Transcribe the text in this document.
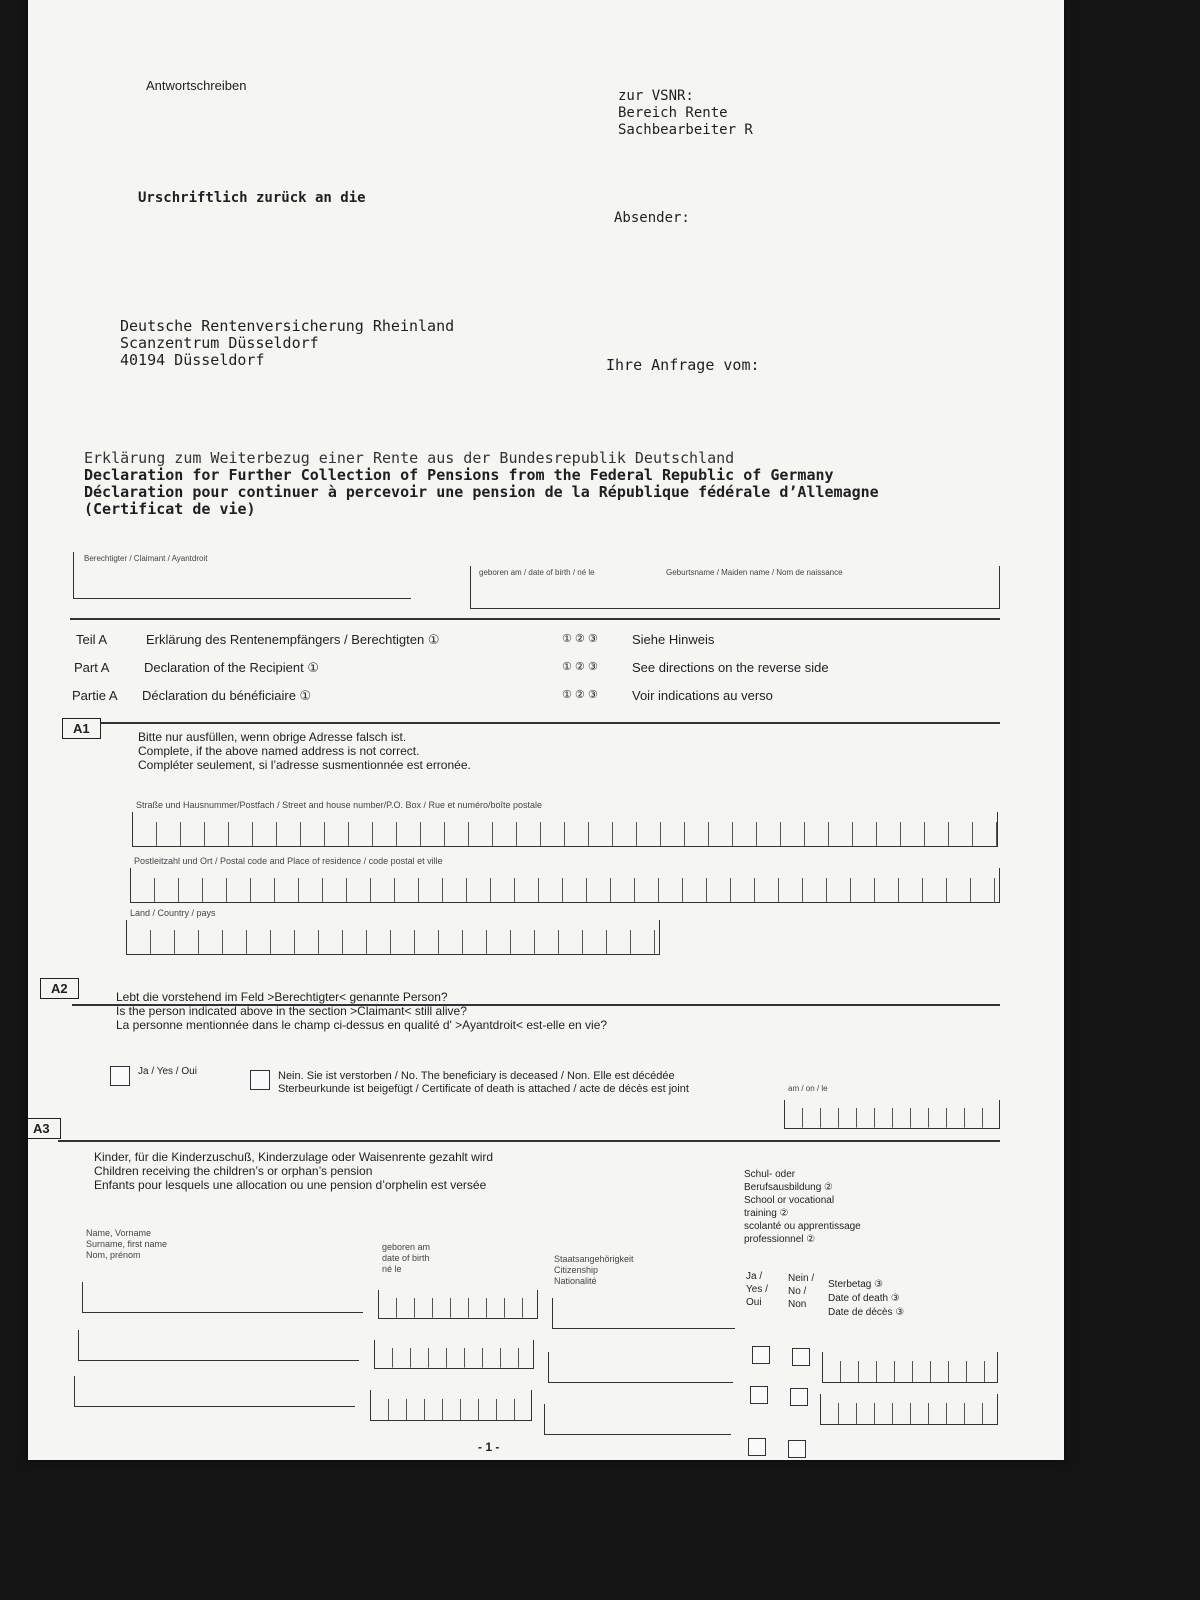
Antwortschreiben
zur VSNR:
Bereich Rente
Sachbearbeiter R
Urschriftlich zurück an die
Absender:
Deutsche Rentenversicherung Rheinland
Scanzentrum Düsseldorf
40194 Düsseldorf	Ihre Anfrage vom:
Erklärung zum Weiterbezug einer Rente aus der Bundesrepublik Deutschland
Declaration for Further Collection of Pensions from the Federal Republic of Germany
Déclaration pour continuer à percevoir une pension de la République fédérale d’Allemagne
(Certificat de vie)
Berechtigter / Claimant / Ayantdroit
geboren am / date of birth / né le	Geburtsname / Maiden name / Nom de naissance
Teil A	Erklärung des Rentenempfängers / Berechtigten ①	① ② ③	Siehe Hinweis
Part A	Declaration of the Recipient ①	① ② ③	See directions on the reverse side
Partie A Déclaration du bénéficiaire ①	① ② ③	Voir indications au verso
A1
Bitte nur ausfüllen, wenn obrige Adresse falsch ist.
Complete, if the above named address is not correct.
Compléter seulement, si l’adresse susmentionnée est erronée.
Straße und Hausnummer/Postfach / Street and house number/P.O. Box / Rue et numéro/boîte postale
Postleitzahl und Ort / Postal code and Place of residence / code postal et ville
Land / Country / pays
A2
Lebt die vorstehend im Feld >Berechtigter< genannte Person?
Is the person indicated above in the section >Claimant< still alive?
La personne mentionnée dans le champ ci-dessus en qualité d' >Ayantdroit< est-elle en vie?
Ja / Yes / Oui	Nein. Sie ist verstorben / No. The beneficiary is deceased / Non. Elle est décédée
Sterbeurkunde ist beigefügt / Certificate of death is attached / acte de décès est joint	am / on / le
A3
Kinder, für die Kinderzuschuß, Kinderzulage oder Waisenrente gezahlt wird
Children receiving the children’s or orphan’s pension
Enfants pour lesquels une allocation ou une pension d’orphelin est versée
Schul- oder
Berufsausbildung ②
School or vocational
training ②
scolanté ou apprentissage
professionnel ②
Name, Vorname
Surname, first name
Nom, prénom
geboren am
date of birth
né le
Staatsangehörigkeit
Citizenship
Nationalité	Ja /
Yes /
Oui
Nein /
No /
Non
Sterbetag ③
Date of death ③
Date de décès ③
- 1 -
